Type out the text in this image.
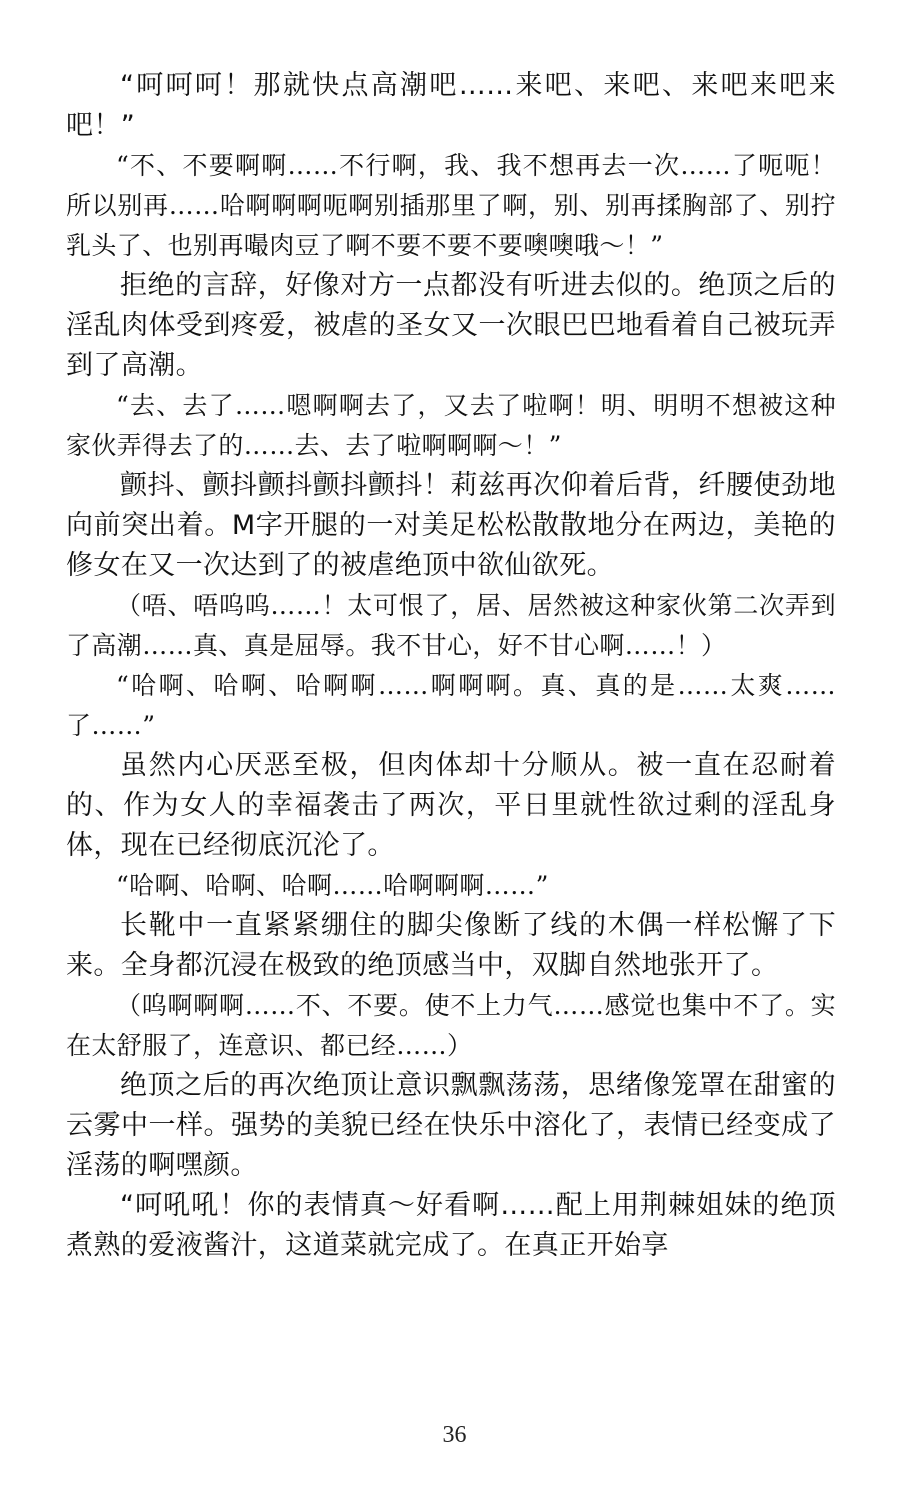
“呵呵呵！那就快点高潮吧……来吧、来吧、来吧来吧来吧！”

“不、不要啊啊……不行啊，我、我不想再去一次……了呃呃！所以别再……哈啊啊啊呃啊别插那里了啊，别、别再揉胸部了、别拧乳头了、也别再嘬肉豆了啊不要不要不要噢噢哦～！”

拒绝的言辞，好像对方一点都没有听进去似的。绝顶之后的淫乱肉体受到疼爱，被虐的圣女又一次眼巴巴地看着自己被玩弄到了高潮。

“去、去了……嗯啊啊去了，又去了啦啊！明、明明不想被这种家伙弄得去了的……去、去了啦啊啊啊～！”

颤抖、颤抖颤抖颤抖颤抖！莉兹再次仰着后背，纤腰使劲地向前突出着。M字开腿的一对美足松松散散地分在两边，美艳的修女在又一次达到了的被虐绝顶中欲仙欲死。

（唔、唔呜呜……！太可恨了，居、居然被这种家伙第二次弄到了高潮……真、真是屈辱。我不甘心，好不甘心啊……！）

“哈啊、哈啊、哈啊啊……啊啊啊。真、真的是……太爽……了……”

虽然内心厌恶至极，但肉体却十分顺从。被一直在忍耐着的、作为女人的幸福袭击了两次，平日里就性欲过剩的淫乱身体，现在已经彻底沉沦了。

“哈啊、哈啊、哈啊……哈啊啊啊……”

长靴中一直紧紧绷住的脚尖像断了线的木偶一样松懈了下来。全身都沉浸在极致的绝顶感当中，双脚自然地张开了。

（呜啊啊啊……不、不要。使不上力气……感觉也集中不了。实在太舒服了，连意识、都已经……）

绝顶之后的再次绝顶让意识飘飘荡荡，思绪像笼罩在甜蜜的云雾中一样。强势的美貌已经在快乐中溶化了，表情已经变成了淫荡的啊嘿颜。

“呵吼吼！你的表情真～好看啊……配上用荆棘姐妹的绝顶煮熟的爱液酱汁，这道菜就完成了。在真正开始享

36
